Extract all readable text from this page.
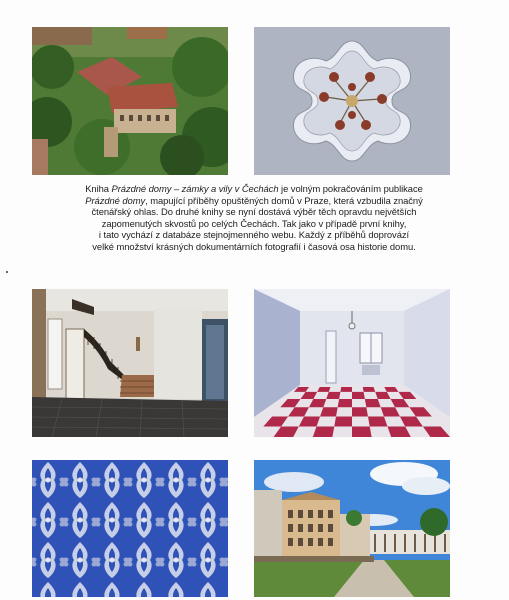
Kniha Prázdné domy – zámky a vily v Čechách je volným pokračováním publikace
Prázdné domy, mapující příběhy opuštěných domů v Praze, která vzbudila značný
čtenářský ohlas. Do druhé knihy se nyní dostává výběr těch opravdu největších
zapomenutých skvostů po celých Čechách. Tak jako v případě první knihy,
i tato vychází z databáze stejnojmenného webu. Každý z příběhů doprovází
velké množství krásných dokumentárních fotografií i časová osa historie domu.
